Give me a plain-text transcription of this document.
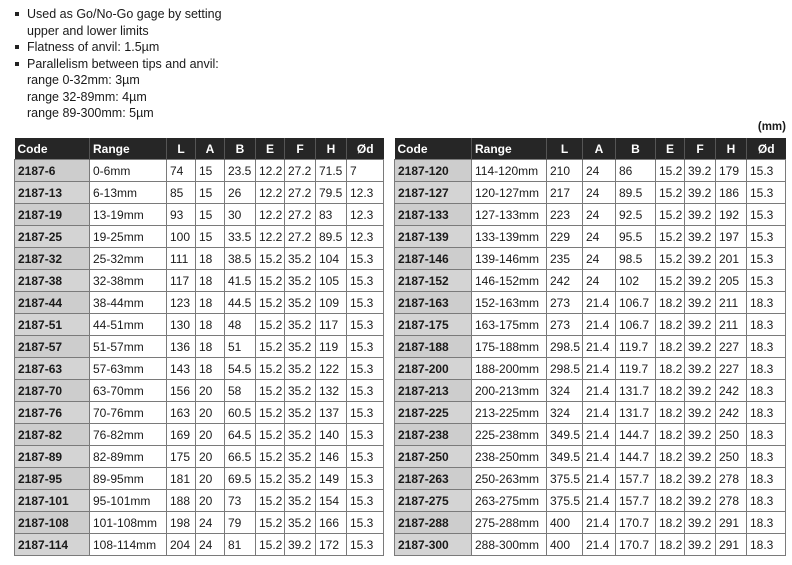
Used as Go/No-Go gage by setting
upper and lower limits
Flatness of anvil: 1.5µm
Parallelism between tips and anvil:
range 0-32mm: 3µm
range 32-89mm: 4µm
range 89-300mm: 5µm
(mm)
Code	Range	L	A	B	E	F	H	Ød
2187-6	0-6mm	74	15	23.5	12.2	27.2	71.5	7
2187-13	6-13mm	85	15	26	12.2	27.2	79.5	12.3
2187-19	13-19mm	93	15	30	12.2	27.2	83	12.3
2187-25	19-25mm	100	15	33.5	12.2	27.2	89.5	12.3
2187-32	25-32mm	111	18	38.5	15.2	35.2	104	15.3
2187-38	32-38mm	117	18	41.5	15.2	35.2	105	15.3
2187-44	38-44mm	123	18	44.5	15.2	35.2	109	15.3
2187-51	44-51mm	130	18	48	15.2	35.2	117	15.3
2187-57	51-57mm	136	18	51	15.2	35.2	119	15.3
2187-63	57-63mm	143	18	54.5	15.2	35.2	122	15.3
2187-70	63-70mm	156	20	58	15.2	35.2	132	15.3
2187-76	70-76mm	163	20	60.5	15.2	35.2	137	15.3
2187-82	76-82mm	169	20	64.5	15.2	35.2	140	15.3
2187-89	82-89mm	175	20	66.5	15.2	35.2	146	15.3
2187-95	89-95mm	181	20	69.5	15.2	35.2	149	15.3
2187-101	95-101mm	188	20	73	15.2	35.2	154	15.3
2187-108	101-108mm	198	24	79	15.2	35.2	166	15.3
2187-114	108-114mm	204	24	81	15.2	39.2	172	15.3
Code	Range	L	A	B	E	F	H	Ød
2187-120	114-120mm	210	24	86	15.2	39.2	179	15.3
2187-127	120-127mm	217	24	89.5	15.2	39.2	186	15.3
2187-133	127-133mm	223	24	92.5	15.2	39.2	192	15.3
2187-139	133-139mm	229	24	95.5	15.2	39.2	197	15.3
2187-146	139-146mm	235	24	98.5	15.2	39.2	201	15.3
2187-152	146-152mm	242	24	102	15.2	39.2	205	15.3
2187-163	152-163mm	273	21.4	106.7	18.2	39.2	211	18.3
2187-175	163-175mm	273	21.4	106.7	18.2	39.2	211	18.3
2187-188	175-188mm	298.5	21.4	119.7	18.2	39.2	227	18.3
2187-200	188-200mm	298.5	21.4	119.7	18.2	39.2	227	18.3
2187-213	200-213mm	324	21.4	131.7	18.2	39.2	242	18.3
2187-225	213-225mm	324	21.4	131.7	18.2	39.2	242	18.3
2187-238	225-238mm	349.5	21.4	144.7	18.2	39.2	250	18.3
2187-250	238-250mm	349.5	21.4	144.7	18.2	39.2	250	18.3
2187-263	250-263mm	375.5	21.4	157.7	18.2	39.2	278	18.3
2187-275	263-275mm	375.5	21.4	157.7	18.2	39.2	278	18.3
2187-288	275-288mm	400	21.4	170.7	18.2	39.2	291	18.3
2187-300	288-300mm	400	21.4	170.7	18.2	39.2	291	18.3
